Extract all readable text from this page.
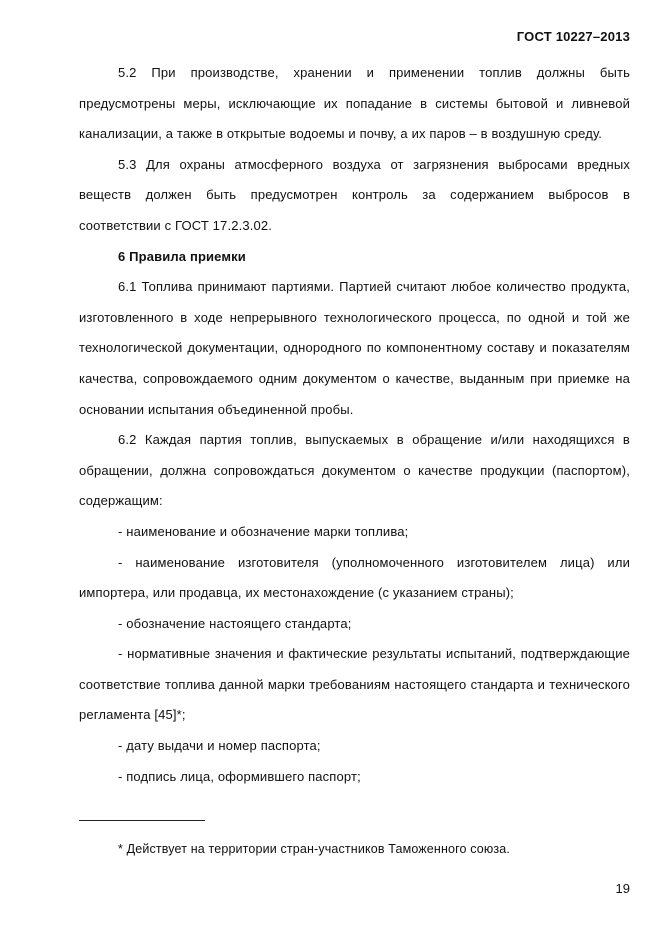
ГОСТ 10227–2013

5.2 При производстве, хранении и применении топлив должны быть предусмотрены меры, исключающие их попадание в системы бытовой и ливневой канализации, а также в открытые водоемы и почву, а их паров – в воздушную среду.

5.3 Для охраны атмосферного воздуха от загрязнения выбросами вредных веществ должен быть предусмотрен контроль за содержанием выбросов в соответствии с ГОСТ 17.2.3.02.

6 Правила приемки

6.1 Топлива принимают партиями. Партией считают любое количество продукта, изготовленного в ходе непрерывного технологического процесса, по одной и той же технологической документации, однородного по компонентному составу и показателям качества, сопровождаемого одним документом о качестве, выданным при приемке на основании испытания объединенной пробы.

6.2 Каждая партия топлив, выпускаемых в обращение и/или находящихся в обращении, должна сопровождаться документом о качестве продукции (паспортом), содержащим:

- наименование и обозначение марки топлива;

- наименование изготовителя (уполномоченного изготовителем лица) или импортера, или продавца, их местонахождение (с указанием страны);

- обозначение настоящего стандарта;

- нормативные значения и фактические результаты испытаний, подтверждающие соответствие топлива данной марки требованиям настоящего стандарта и технического регламента [45]*;

- дату выдачи и номер паспорта;

- подпись лица, оформившего паспорт;

* Действует на территории стран-участников Таможенного союза.
19
